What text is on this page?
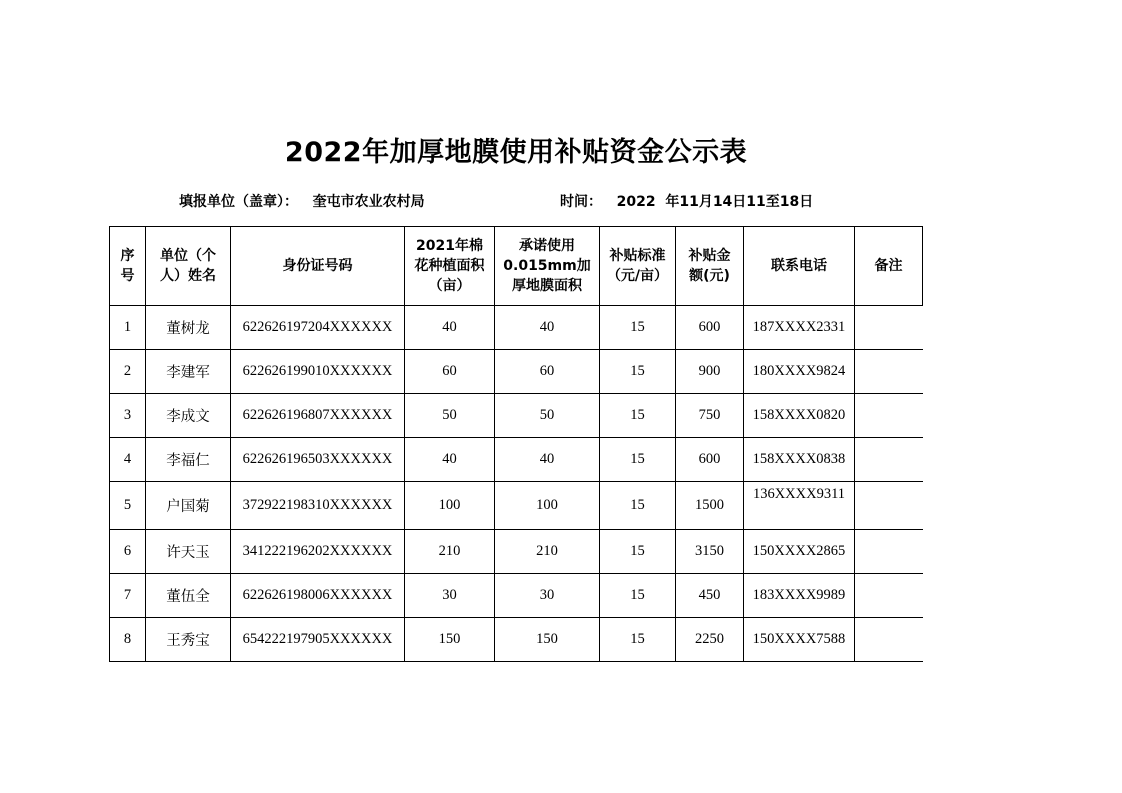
2022年加厚地膜使用补贴资金公示表
填报单位（盖章）： 奎屯市农业农村局	时间： 2022  年11月14日11至18日
序号	单位（个人）姓名	身份证号码	2021年棉花种植面积（亩）	承诺使用0.015mm加厚地膜面积	补贴标准（元/亩）	补贴金额(元)	联系电话	备注
1	董树龙	622626197204XXXXXX	40	40	15	600	187XXXX2331	
2	李建军	622626199010XXXXXX	60	60	15	900	180XXXX9824	
3	李成文	622626196807XXXXXX	50	50	15	750	158XXXX0820	
4	李福仁	622626196503XXXXXX	40	40	15	600	158XXXX0838	
5	户国菊	372922198310XXXXXX	100	100	15	1500	136XXXX9311	
6	许天玉	341222196202XXXXXX	210	210	15	3150	150XXXX2865	
7	董伍全	622626198006XXXXXX	30	30	15	450	183XXXX9989	
8	王秀宝	654222197905XXXXXX	150	150	15	2250	150XXXX7588	
